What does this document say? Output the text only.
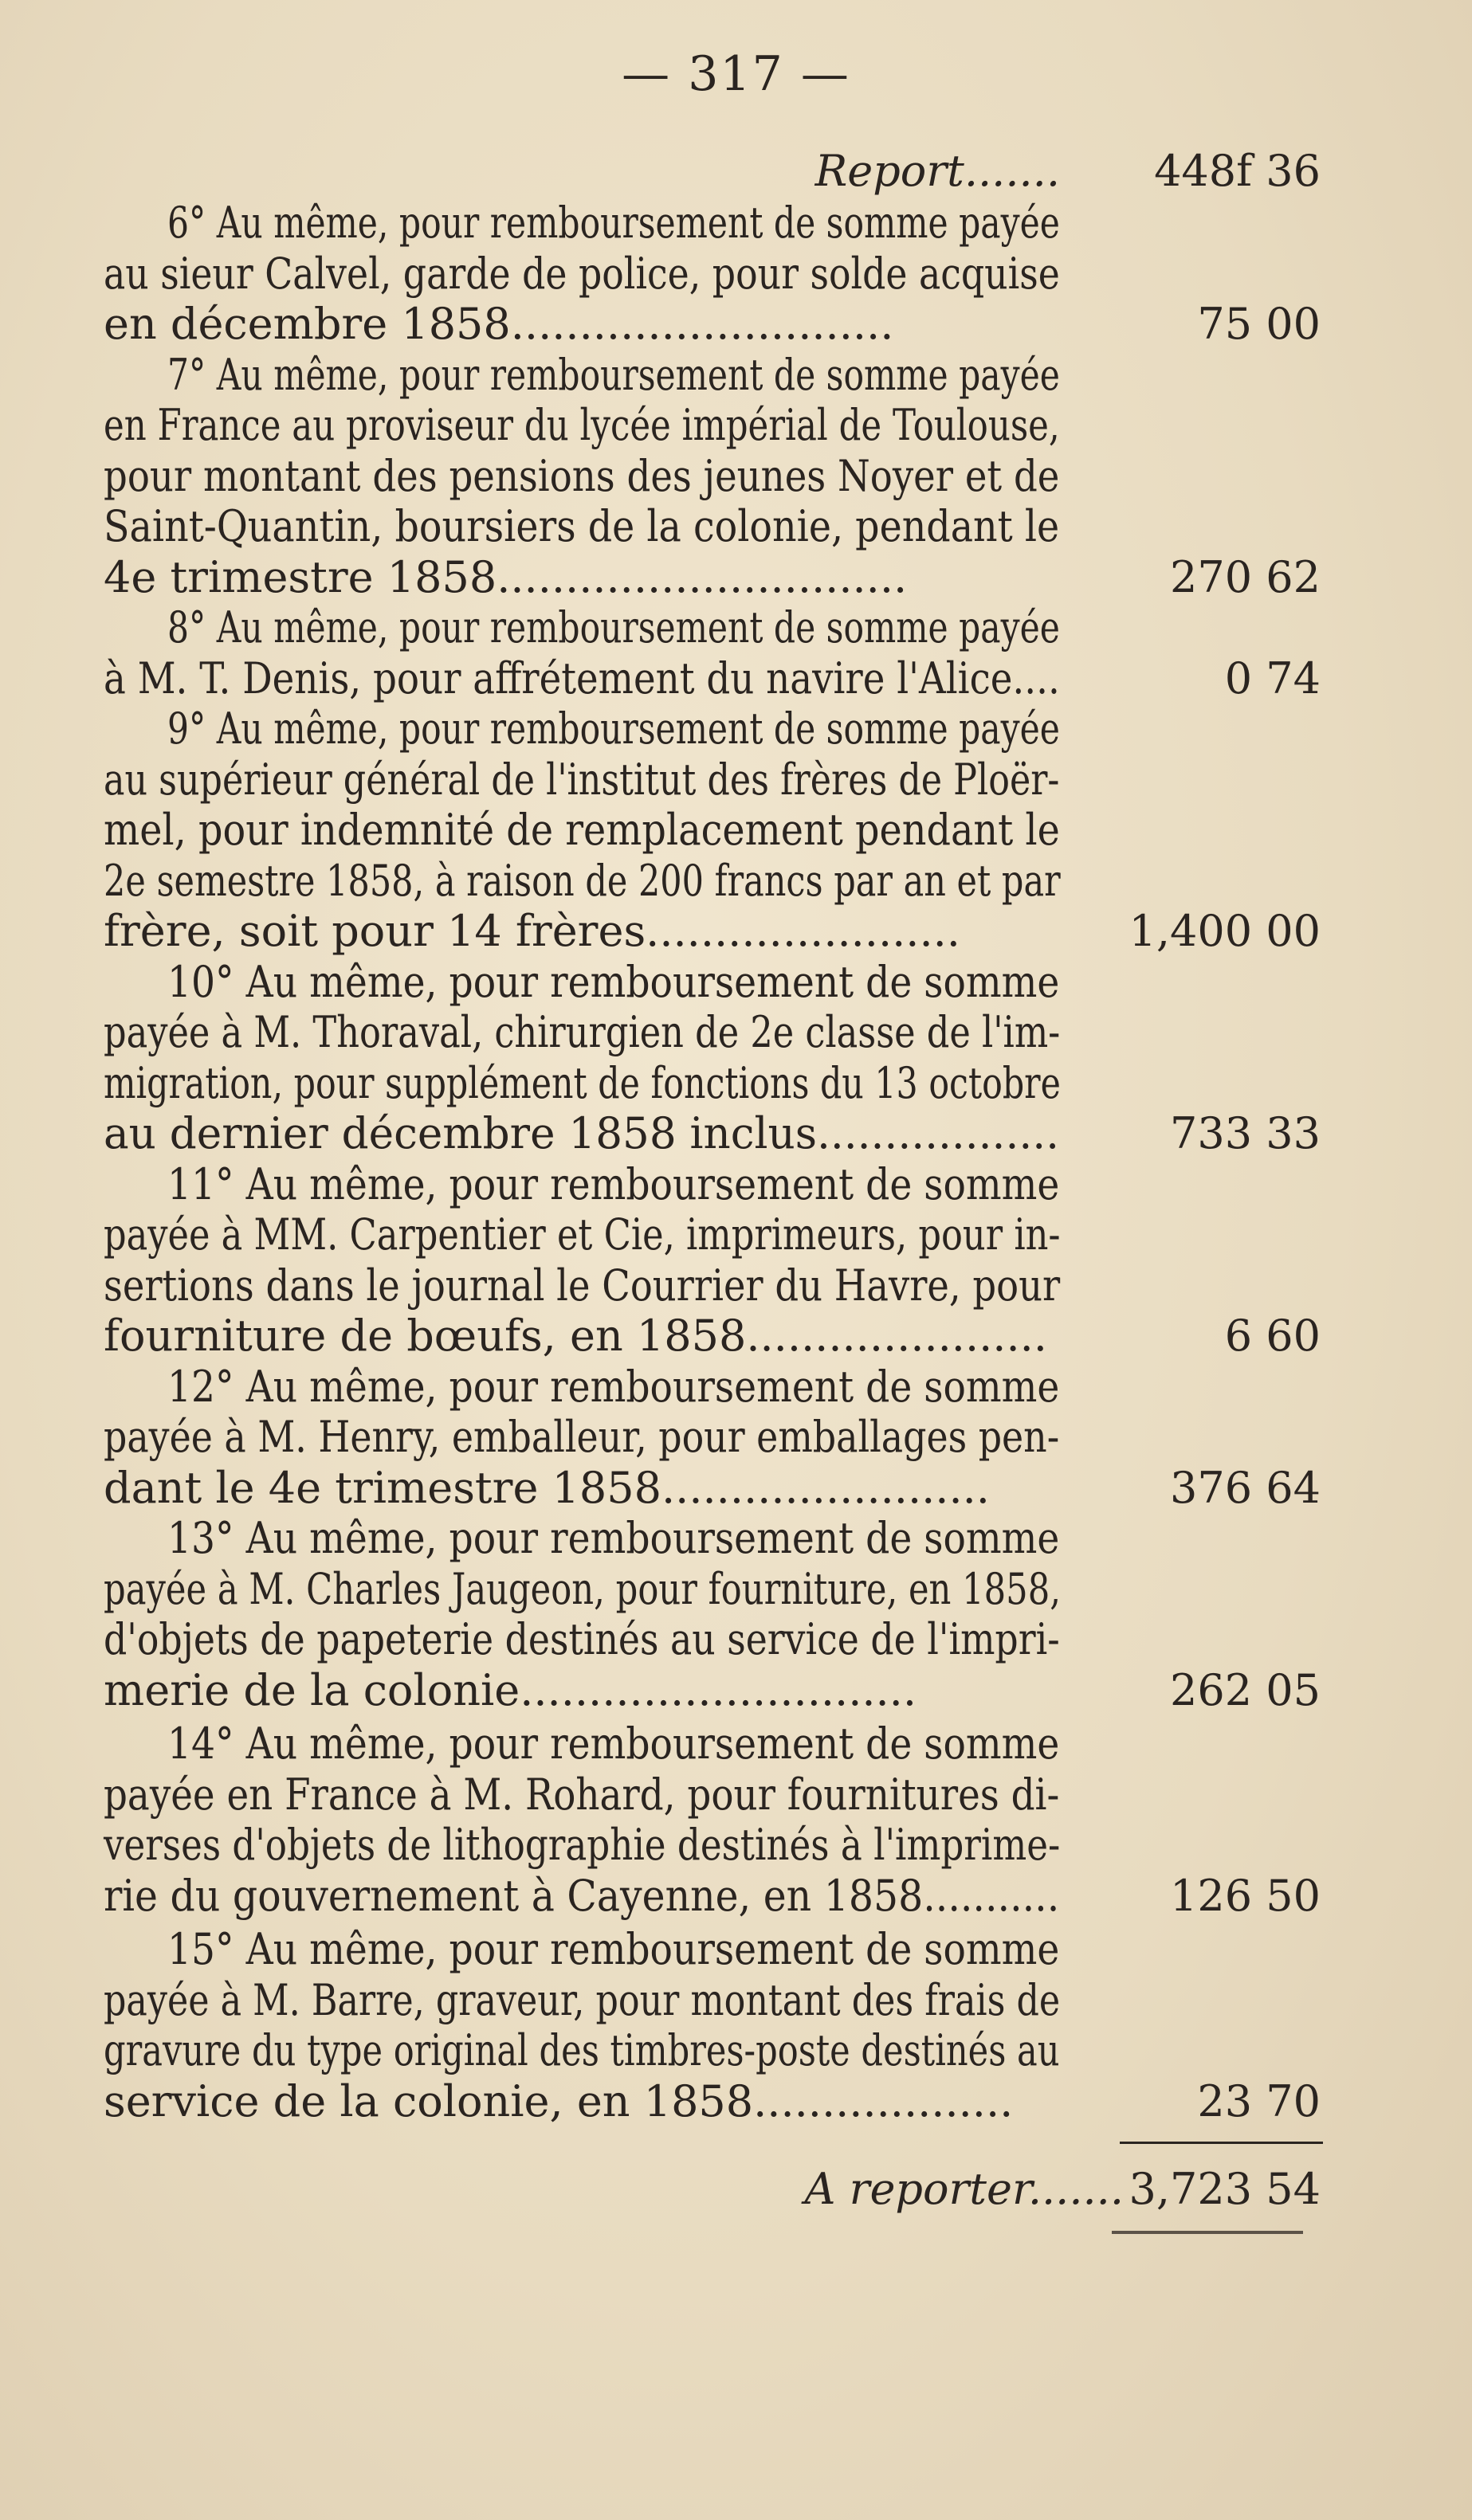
— 317 —
Report.......	448f 36
6° Au même, pour remboursement de somme payée
au sieur Calvel, garde de police, pour solde acquise
en décembre 1858............................	75 00
7° Au même, pour remboursement de somme payée
en France au proviseur du lycée impérial de Toulouse,
pour montant des pensions des jeunes Noyer et de
Saint-Quantin, boursiers de la colonie, pendant le
4e trimestre 1858..............................	270 62
8° Au même, pour remboursement de somme payée
à M. T. Denis, pour affrétement du navire l'Alice....	0 74
9° Au même, pour remboursement de somme payée
au supérieur général de l'institut des frères de Ploër-
mel, pour indemnité de remplacement pendant le
2e semestre 1858, à raison de 200 francs par an et par
frère, soit pour 14 frères.......................	1,400 00
10° Au même, pour remboursement de somme
payée à M. Thoraval, chirurgien de 2e classe de l'im-
migration, pour supplément de fonctions du 13 octobre
au dernier décembre 1858 inclus..................	733 33
11° Au même, pour remboursement de somme
payée à MM. Carpentier et Cie, imprimeurs, pour in-
sertions dans le journal le Courrier du Havre, pour
fourniture de bœufs, en 1858......................	6 60
12° Au même, pour remboursement de somme
payée à M. Henry, emballeur, pour emballages pen-
dant le 4e trimestre 1858........................	376 64
13° Au même, pour remboursement de somme
payée à M. Charles Jaugeon, pour fourniture, en 1858,
d'objets de papeterie destinés au service de l'impri-
merie de la colonie.............................	262 05
14° Au même, pour remboursement de somme
payée en France à M. Rohard, pour fournitures di-
verses d'objets de lithographie destinés à l'imprime-
rie du gouvernement à Cayenne, en 1858...........	126 50
15° Au même, pour remboursement de somme
payée à M. Barre, graveur, pour montant des frais de
gravure du type original des timbres-poste destinés au
service de la colonie, en 1858...................	23 70
A reporter....... 3,723 54
